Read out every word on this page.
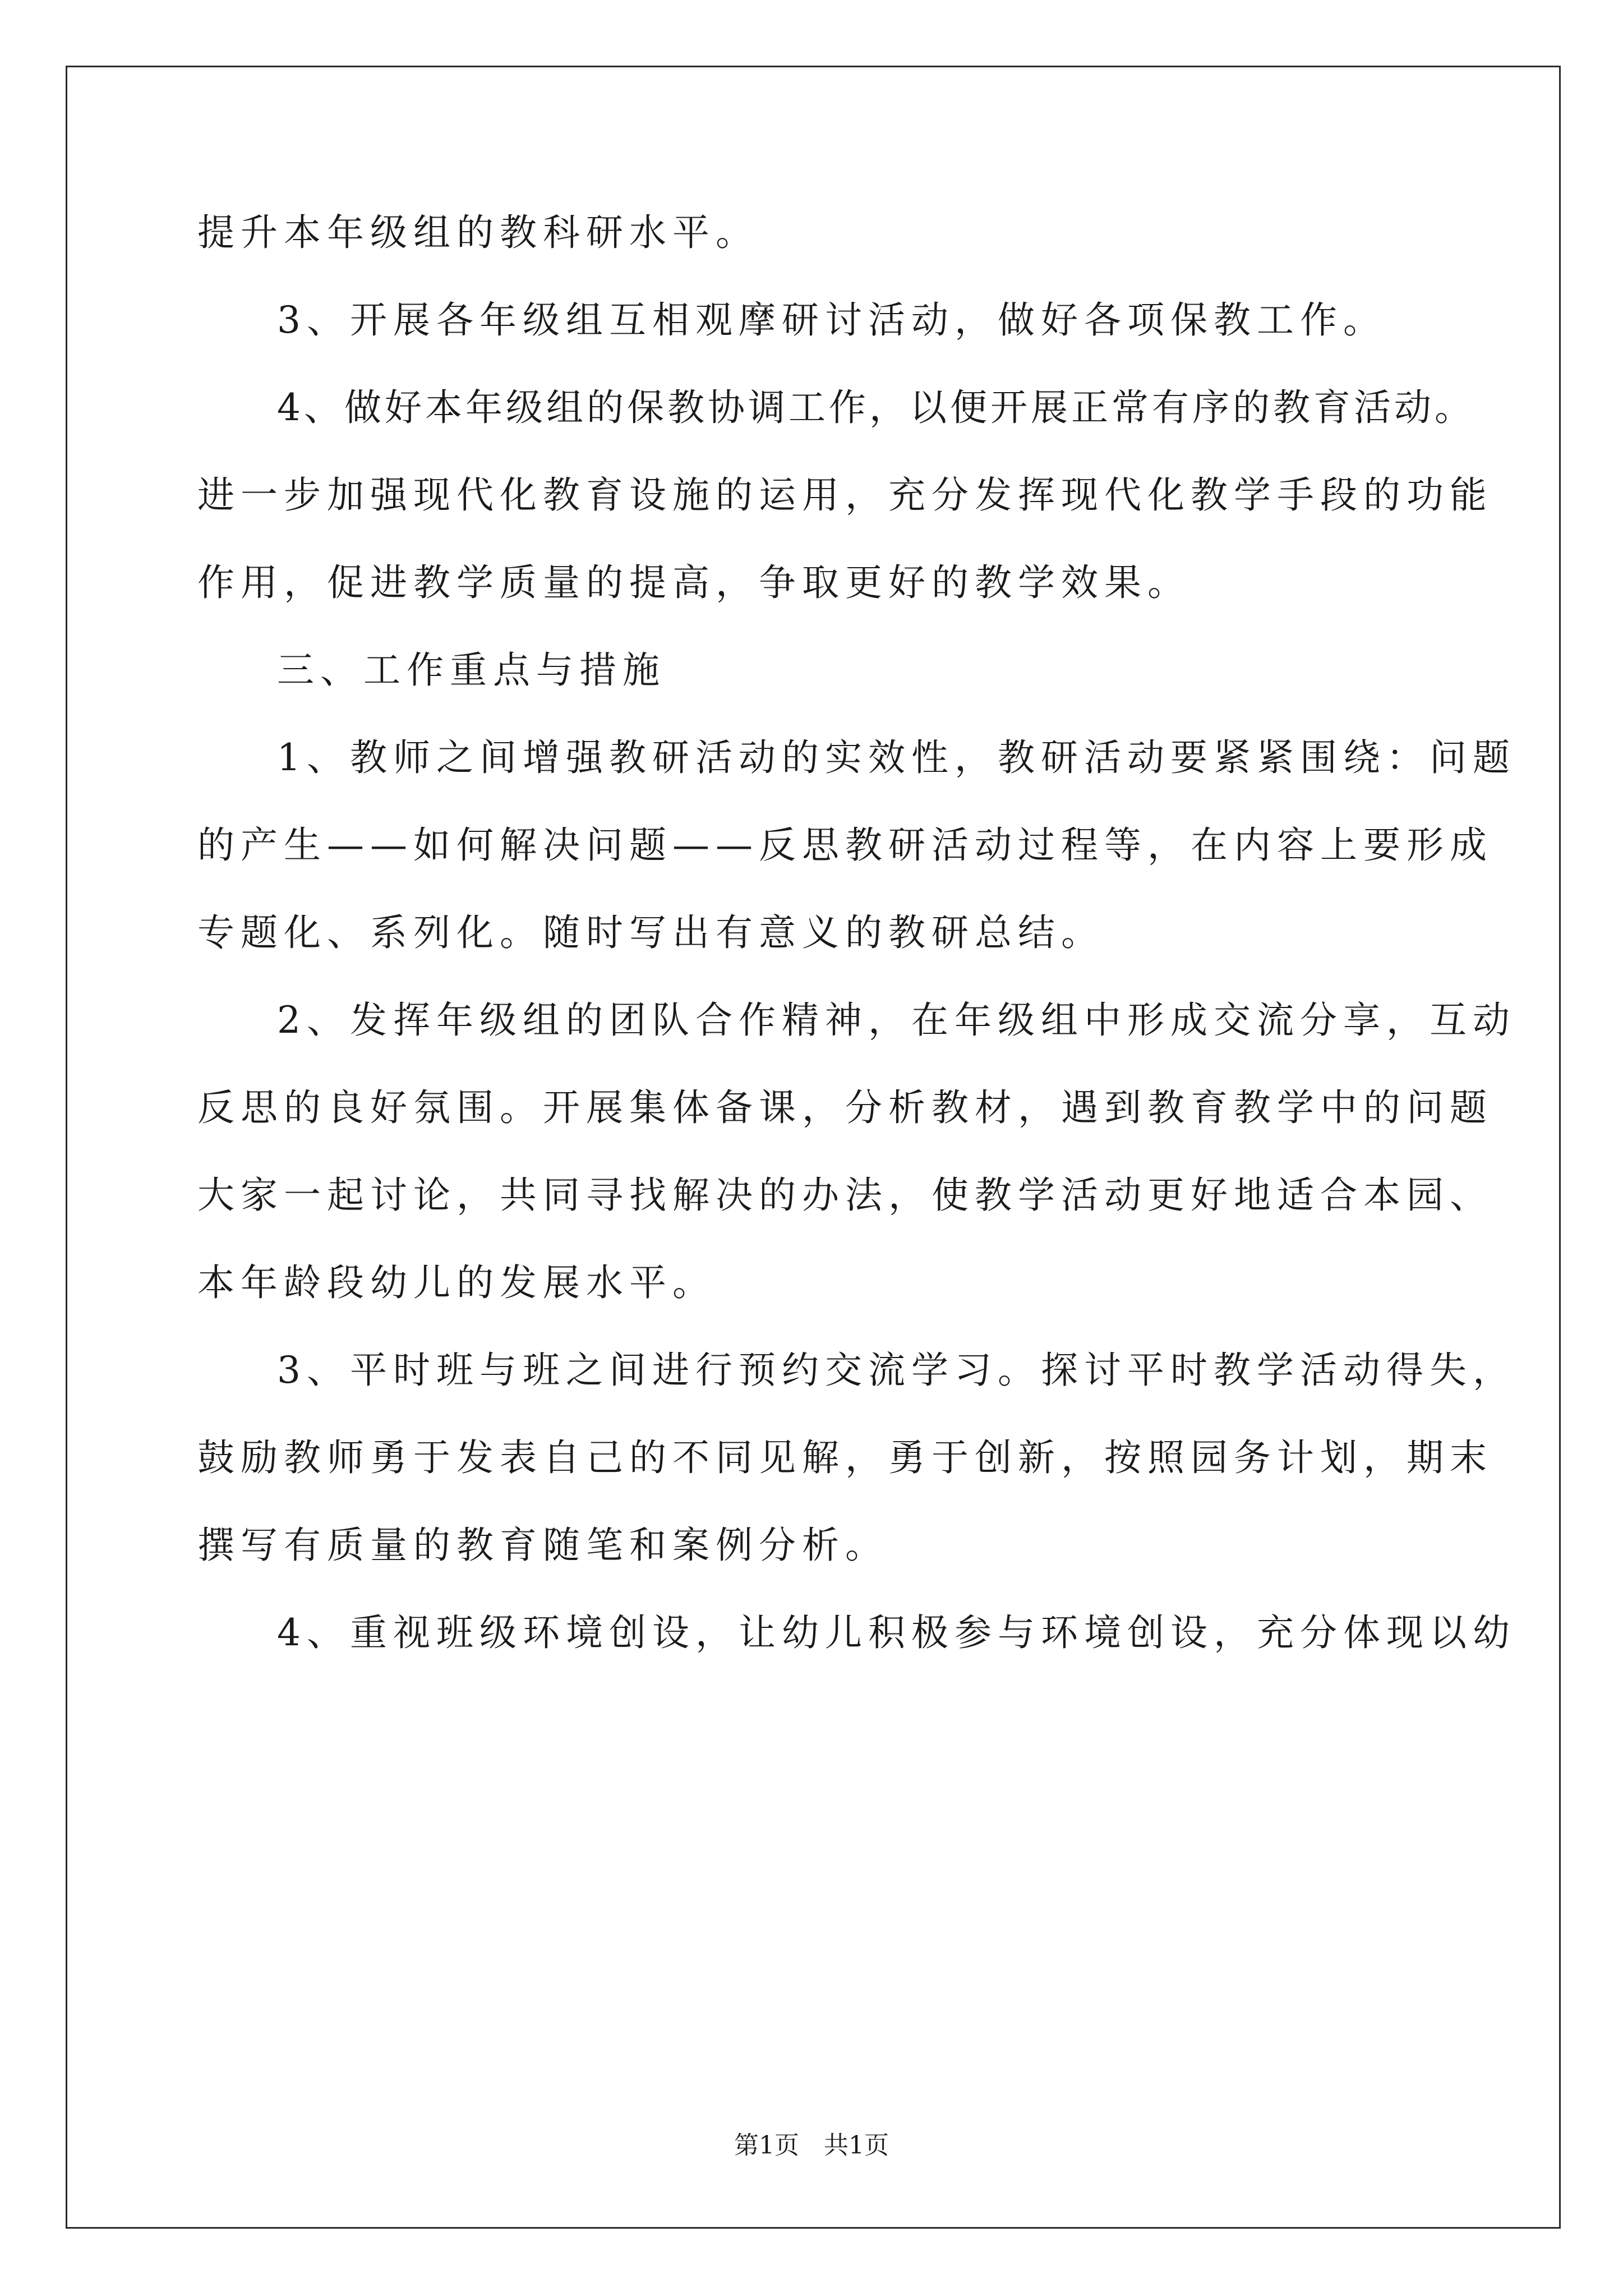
提升本年级组的教科研水平。
3、开展各年级组互相观摩研讨活动，做好各项保教工作。
4、做好本年级组的保教协调工作，以便开展正常有序的教育活动。
进一步加强现代化教育设施的运用，充分发挥现代化教学手段的功能
作用，促进教学质量的提高，争取更好的教学效果。
三、工作重点与措施
1、教师之间增强教研活动的实效性，教研活动要紧紧围绕：问题
的产生——如何解决问题——反思教研活动过程等，在内容上要形成
专题化、系列化。随时写出有意义的教研总结。
2、发挥年级组的团队合作精神，在年级组中形成交流分享，互动
反思的良好氛围。开展集体备课，分析教材，遇到教育教学中的问题
大家一起讨论，共同寻找解决的办法，使教学活动更好地适合本园、
本年龄段幼儿的发展水平。
3、平时班与班之间进行预约交流学习。探讨平时教学活动得失，
鼓励教师勇于发表自己的不同见解，勇于创新，按照园务计划，期末
撰写有质量的教育随笔和案例分析。
4、重视班级环境创设，让幼儿积极参与环境创设，充分体现以幼
第1页　共1页
